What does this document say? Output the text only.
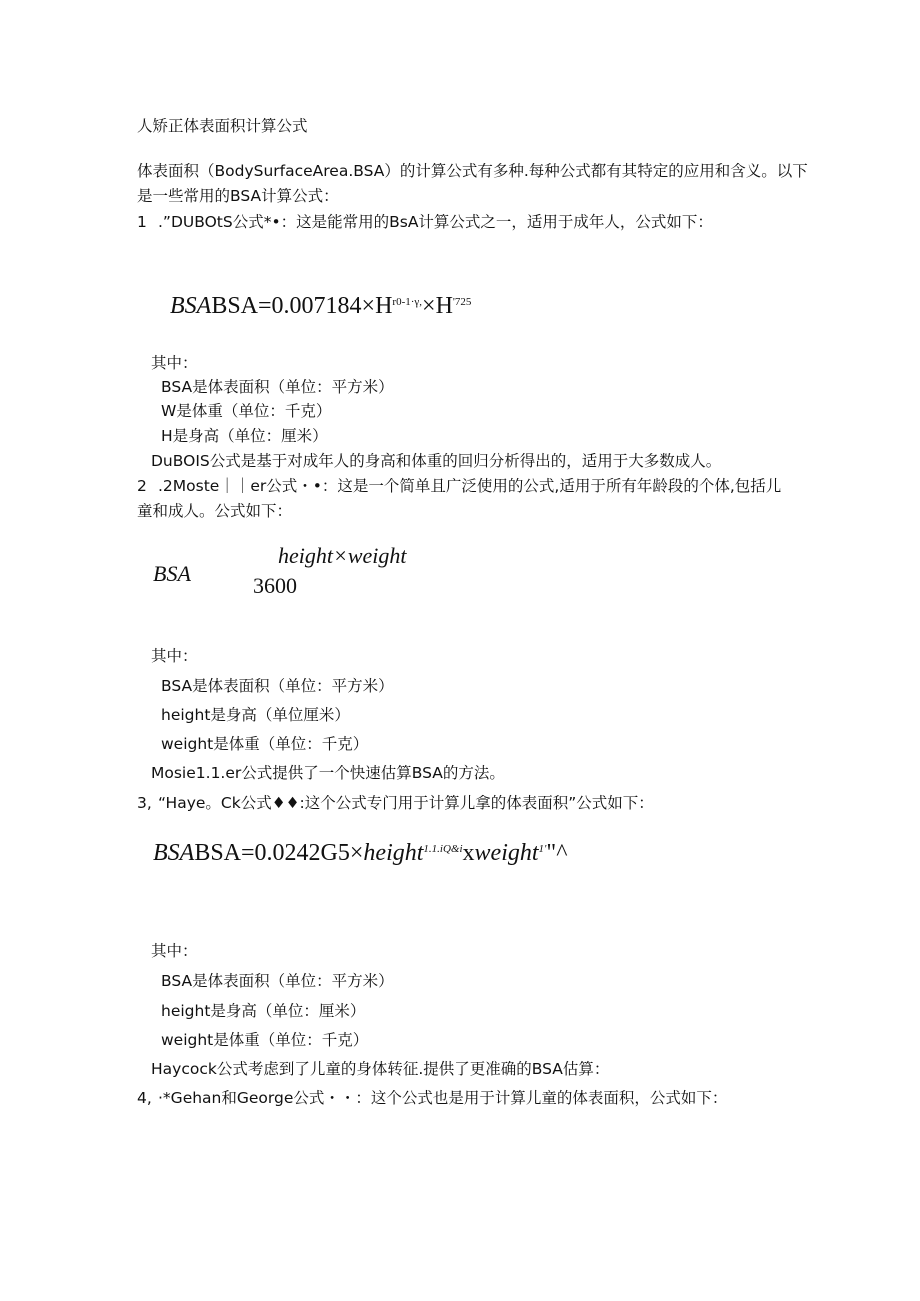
人矫正体表面积计算公式
体表面积（BodySurfaceArea.BSA）的计算公式有多种.每种公式都有其特定的应用和含义。以下
是一些常用的BSA计算公式：
1 .”DUBOtS公式*•：这是能常用的BsA计算公式之一，适用于成年人，公式如下：
$BSABSA=0.007184\times H^{r0-1\cdot\gamma,}\times H^{'725}$
其中：
BSA是体表面积（单位：平方米）
W是体重（单位：千克）
H是身高（单位：厘米）
DuBOIS公式是基于对成年人的身高和体重的回归分析得出的，适用于大多数成人。
2 .2Moste｜｜er公式・•：这是一个简单且广泛使用的公式,适用于所有年龄段的个体,包括儿
童和成人。公式如下：
BSA
height×weight
3600
其中：
BSA是体表面积（单位：平方米）
height是身高（单位厘米）
weight是体重（单位：千克）
Mosie1.1.er公式提供了一个快速估算BSA的方法。
3, “Haye。Ck公式♦♦:这个公式专门用于计算儿拿的体表面积”公式如下：
BSABSA=0.0242G5×height$^{1.1.iQ\&i}$xweight$^{1'}$"^
其中：
BSA是体表面积（单位：平方米）
height是身高（单位：厘米）
weight是体重（单位：千克）
Haycock公式考虑到了儿童的身体转征.提供了更准确的BSA估算：
4, ·*Gehan和George公式・・：这个公式也是用于计算儿童的体表面积，公式如下：
